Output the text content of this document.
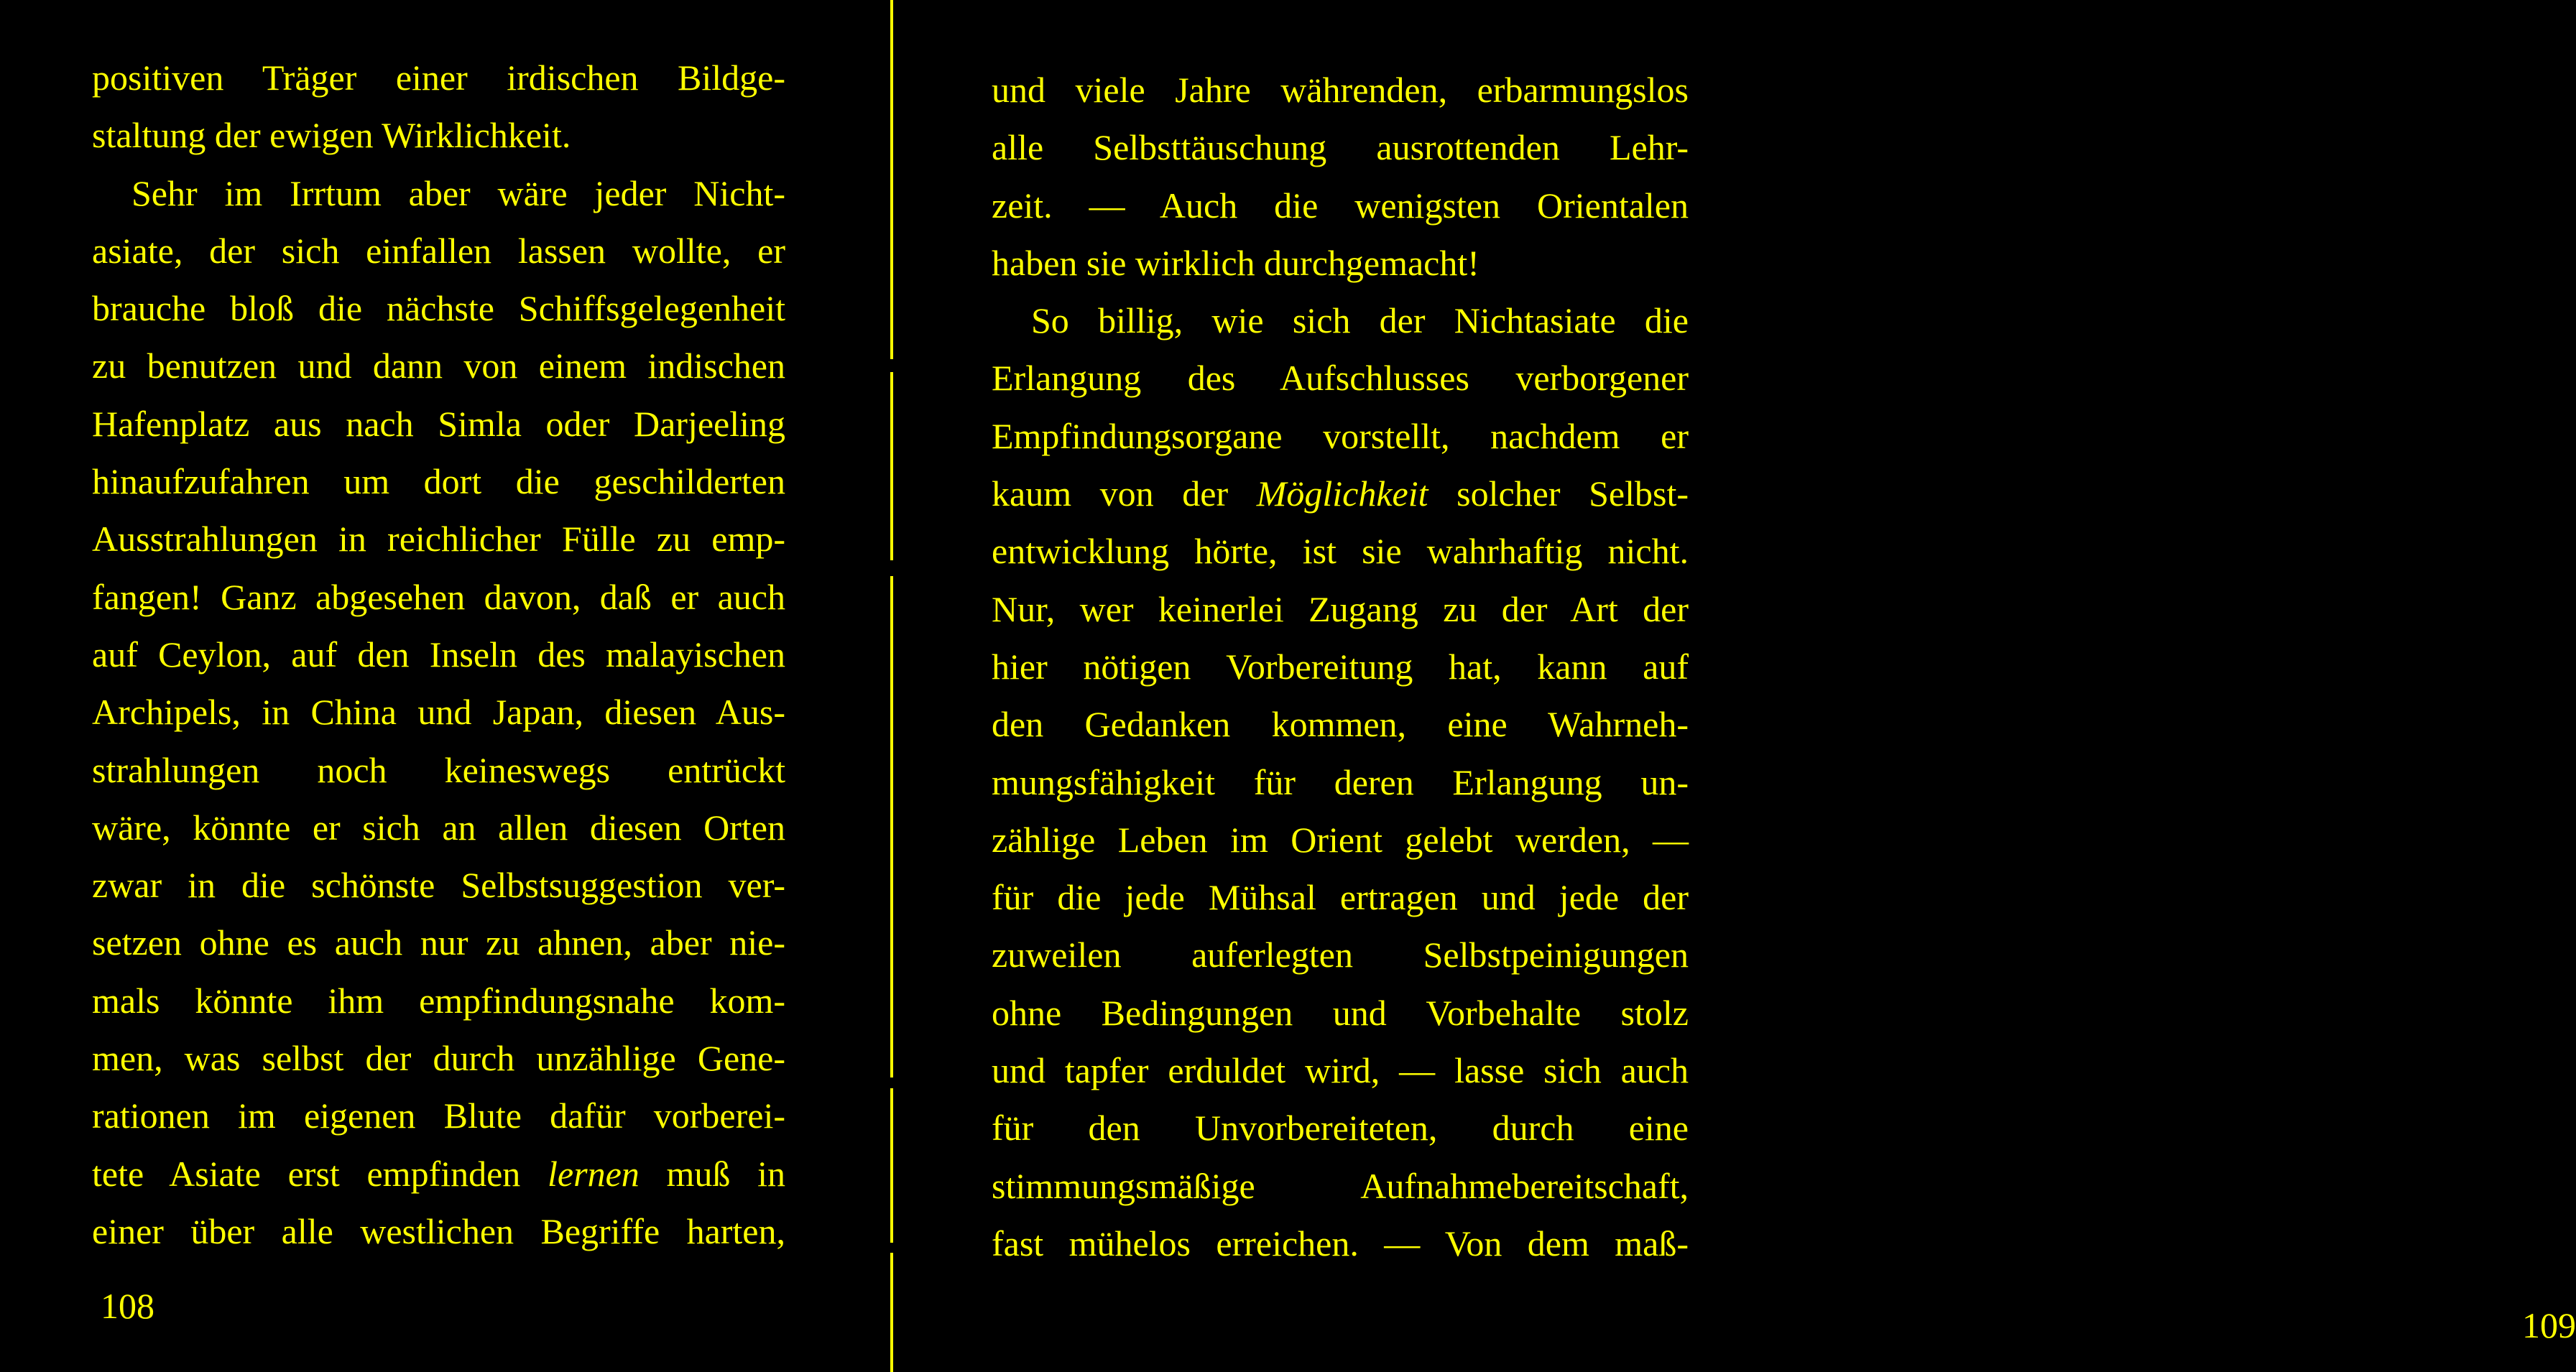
positiven Träger einer irdischen Bildge-
staltung der ewigen Wirklichkeit.
Sehr im Irrtum aber wäre jeder Nicht-
asiate, der sich einfallen lassen wollte, er
brauche bloß die nächste Schiffsgelegenheit
zu benutzen und dann von einem indischen
Hafenplatz aus nach Simla oder Darjeeling
hinaufzufahren um dort die geschilderten
Ausstrahlungen in reichlicher Fülle zu emp-
fangen! Ganz abgesehen davon, daß er auch
auf Ceylon, auf den Inseln des malayischen
Archipels, in China und Japan, diesen Aus-
strahlungen noch keineswegs entrückt
wäre, könnte er sich an allen diesen Orten
zwar in die schönste Selbstsuggestion ver-
setzen ohne es auch nur zu ahnen, aber nie-
mals könnte ihm empfindungsnahe kom-
men, was selbst der durch unzählige Gene-
rationen im eigenen Blute dafür vorberei-
tete Asiate erst empfinden lernen muß in
einer über alle westlichen Begriffe harten,
108	109
und viele Jahre währenden, erbarmungslos
alle Selbsttäuschung ausrottenden Lehr-
zeit. — Auch die wenigsten Orientalen
haben sie wirklich durchgemacht!
So billig, wie sich der Nichtasiate die
Erlangung des Aufschlusses verborgener
Empfindungsorgane vorstellt, nachdem er
kaum von der Möglichkeit solcher Selbst-
entwicklung hörte, ist sie wahrhaftig nicht.
Nur, wer keinerlei Zugang zu der Art der
hier nötigen Vorbereitung hat, kann auf
den Gedanken kommen, eine Wahrneh-
mungsfähigkeit für deren Erlangung un-
zählige Leben im Orient gelebt werden, —
für die jede Mühsal ertragen und jede der
zuweilen auferlegten Selbstpeinigungen
ohne Bedingungen und Vorbehalte stolz
und tapfer erduldet wird, — lasse sich auch
für den Unvorbereiteten, durch eine
stimmungsmäßige Aufnahmebereitschaft,
fast mühelos erreichen. — Von dem maß-
